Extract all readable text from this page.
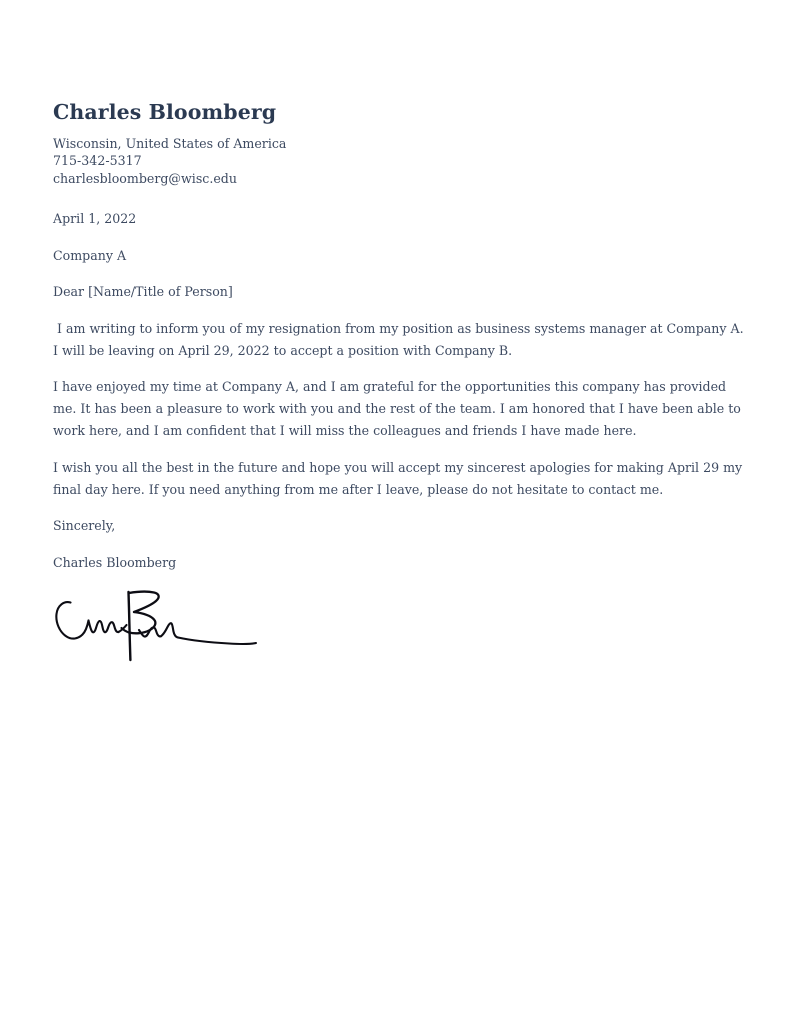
Charles Bloomberg

Wisconsin, United States of America

715-342-5317

charlesbloomberg@wisc.edu

April 1, 2022

Company A

Dear [Name/Title of Person]

I am writing to inform you of my resignation from my position as business systems manager at Company A. I will be leaving on April 29, 2022 to accept a position with Company B.

I have enjoyed my time at Company A, and I am grateful for the opportunities this company has provided me. It has been a pleasure to work with you and the rest of the team. I am honored that I have been able to work here, and I am confident that I will miss the colleagues and friends I have made here.

I wish you all the best in the future and hope you will accept my sincerest apologies for making April 29 my final day here. If you need anything from me after I leave, please do not hesitate to contact me.

Sincerely,

Charles Bloomberg
